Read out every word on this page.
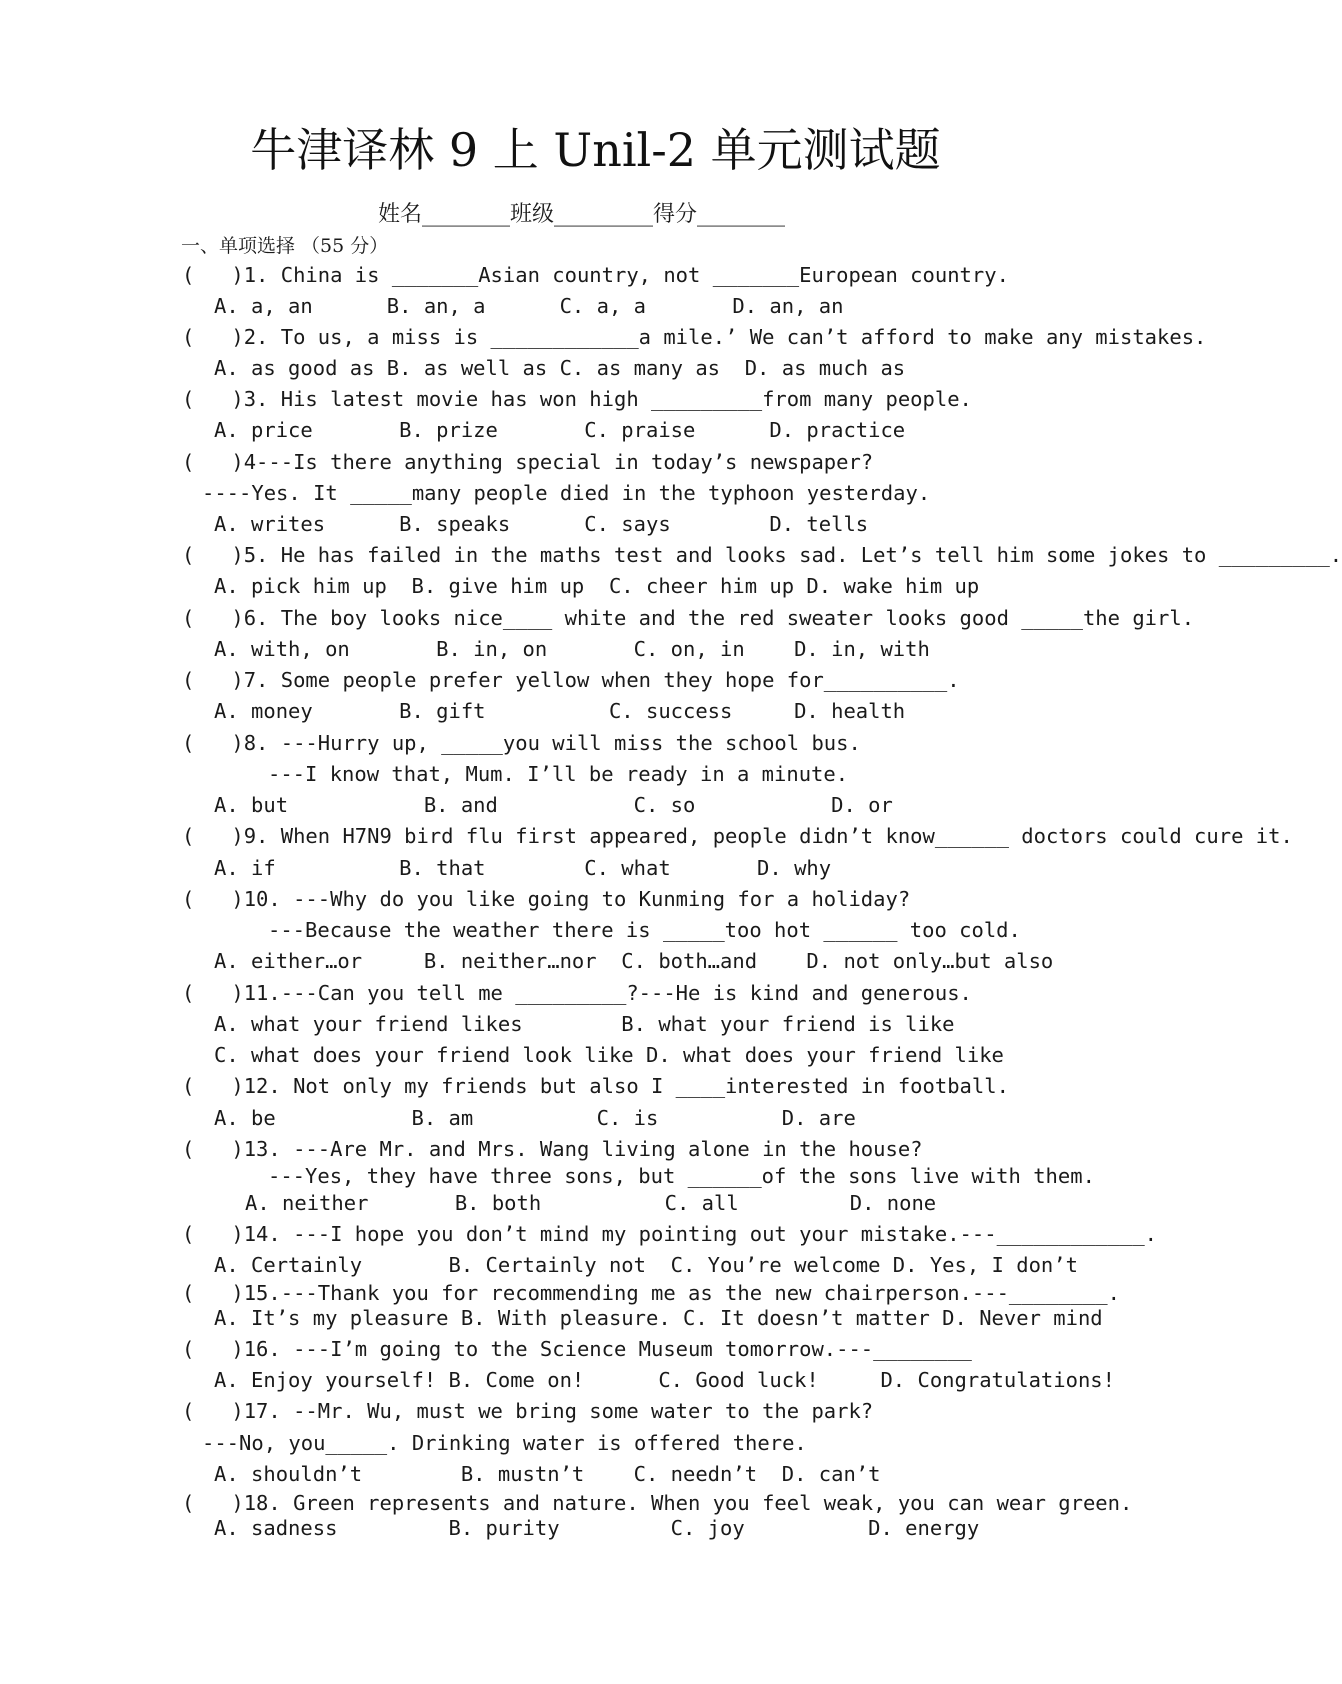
牛津译林 9 上 Unil-2 单元测试题
姓名________班级_________得分________
一、单项选择 （55 分）
(   )1. China is _______Asian country, not _______European country.
A. a, an      B. an, a      C. a, a       D. an, an
(   )2. To us, a miss is ____________a mile.’ We can’t afford to make any mistakes.
A. as good as B. as well as C. as many as  D. as much as
(   )3. His latest movie has won high _________from many people.
A. price       B. prize       C. praise      D. practice
(   )4---Is there anything special in today’s newspaper?
----Yes. It _____many people died in the typhoon yesterday.
A. writes      B. speaks      C. says        D. tells
(   )5. He has failed in the maths test and looks sad. Let’s tell him some jokes to _________.
A. pick him up  B. give him up  C. cheer him up D. wake him up
(   )6. The boy looks nice____ white and the red sweater looks good _____the girl.
A. with, on       B. in, on       C. on, in    D. in, with
(   )7. Some people prefer yellow when they hope for__________.
A. money       B. gift          C. success     D. health
(   )8. ---Hurry up, _____you will miss the school bus.
---I know that, Mum. I’ll be ready in a minute.
A. but           B. and           C. so           D. or
(   )9. When H7N9 bird flu first appeared, people didn’t know______ doctors could cure it.
A. if          B. that        C. what       D. why
(   )10. ---Why do you like going to Kunming for a holiday?
---Because the weather there is _____too hot ______ too cold.
A. either…or     B. neither…nor  C. both…and    D. not only…but also
(   )11.---Can you tell me _________?---He is kind and generous.
A. what your friend likes        B. what your friend is like
C. what does your friend look like D. what does your friend like
(   )12. Not only my friends but also I ____interested in football.
A. be           B. am          C. is          D. are
(   )13. ---Are Mr. and Mrs. Wang living alone in the house?
---Yes, they have three sons, but ______of the sons live with them.
A. neither       B. both          C. all         D. none
(   )14. ---I hope you don’t mind my pointing out your mistake.---____________.
A. Certainly       B. Certainly not  C. You’re welcome D. Yes, I don’t
(   )15.---Thank you for recommending me as the new chairperson.---________.
A. It’s my pleasure B. With pleasure. C. It doesn’t matter D. Never mind
(   )16. ---I’m going to the Science Museum tomorrow.---________
A. Enjoy yourself! B. Come on!      C. Good luck!     D. Congratulations!
(   )17. --Mr. Wu, must we bring some water to the park?
---No, you_____. Drinking water is offered there.
A. shouldn’t        B. mustn’t    C. needn’t  D. can’t
(   )18. Green represents and nature. When you feel weak, you can wear green.
A. sadness         B. purity         C. joy          D. energy
